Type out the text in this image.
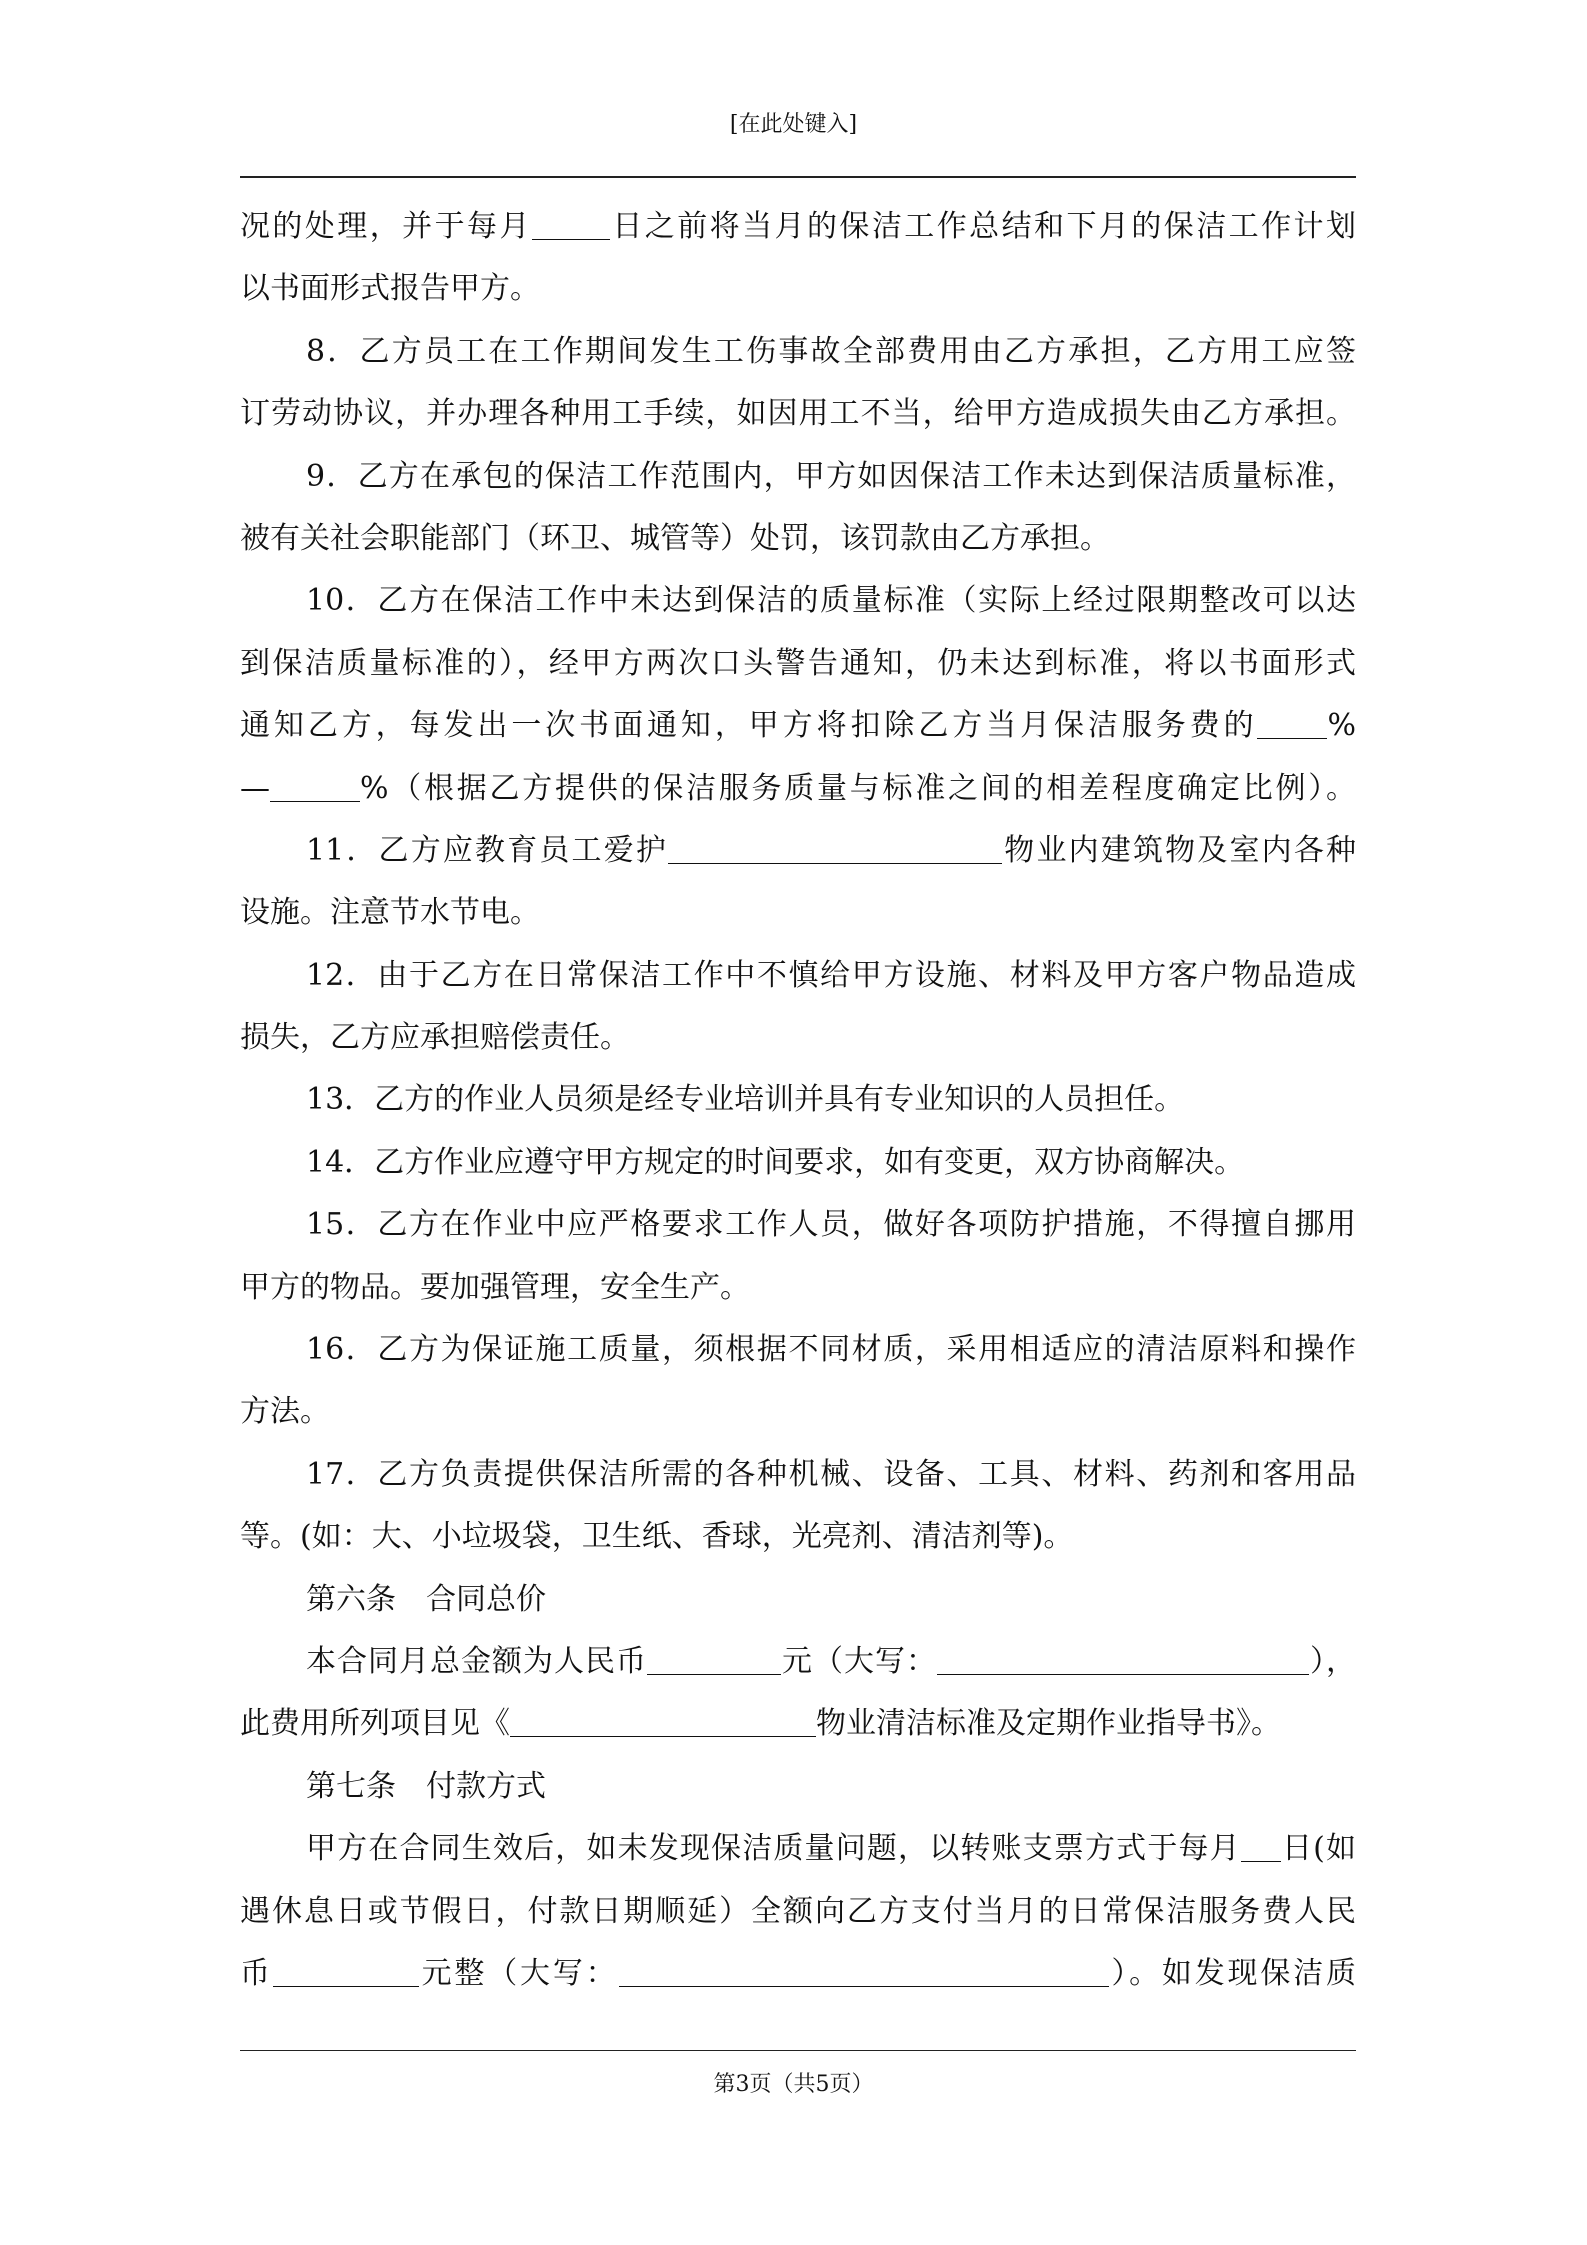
[在此处键入]
况的处理，并于每月	日之前将当月的保洁工作总结和下月的保洁工作计划
以书面形式报告甲方。
8．乙方员工在工作期间发生工伤事故全部费用由乙方承担，乙方用工应签
订劳动协议，并办理各种用工手续，如因用工不当，给甲方造成损失由乙方承担。
9．乙方在承包的保洁工作范围内，甲方如因保洁工作未达到保洁质量标准，
被有关社会职能部门（环卫、城管等）处罚，该罚款由乙方承担。
10．乙方在保洁工作中未达到保洁的质量标准（实际上经过限期整改可以达
到保洁质量标准的），经甲方两次口头警告通知，仍未达到标准，将以书面形式
通知乙方，每发出一次书面通知，甲方将扣除乙方当月保洁服务费的 %
—	%（根据乙方提供的保洁服务质量与标准之间的相差程度确定比例）。
11．乙方应教育员工爱护	物业内建筑物及室内各种
设施。注意节水节电。
12．由于乙方在日常保洁工作中不慎给甲方设施、材料及甲方客户物品造成
损失，乙方应承担赔偿责任。
13．乙方的作业人员须是经专业培训并具有专业知识的人员担任。
14．乙方作业应遵守甲方规定的时间要求，如有变更，双方协商解决。
15．乙方在作业中应严格要求工作人员，做好各项防护措施，不得擅自挪用
甲方的物品。要加强管理，安全生产。
16．乙方为保证施工质量，须根据不同材质，采用相适应的清洁原料和操作
方法。
17．乙方负责提供保洁所需的各种机械、设备、工具、材料、药剂和客用品
等。(如：大、小垃圾袋，卫生纸、香球，光亮剂、清洁剂等)。
第六条 合同总价
本合同月总金额为人民币	元（大写：	），
此费用所列项目见《	物业清洁标准及定期作业指导书》。
第七条 付款方式
甲方在合同生效后，如未发现保洁质量问题，以转账支票方式于每月 日(如
遇休息日或节假日，付款日期顺延）全额向乙方支付当月的日常保洁服务费人民
币	元整（大写：	）。如发现保洁质
第3页（共5页）
